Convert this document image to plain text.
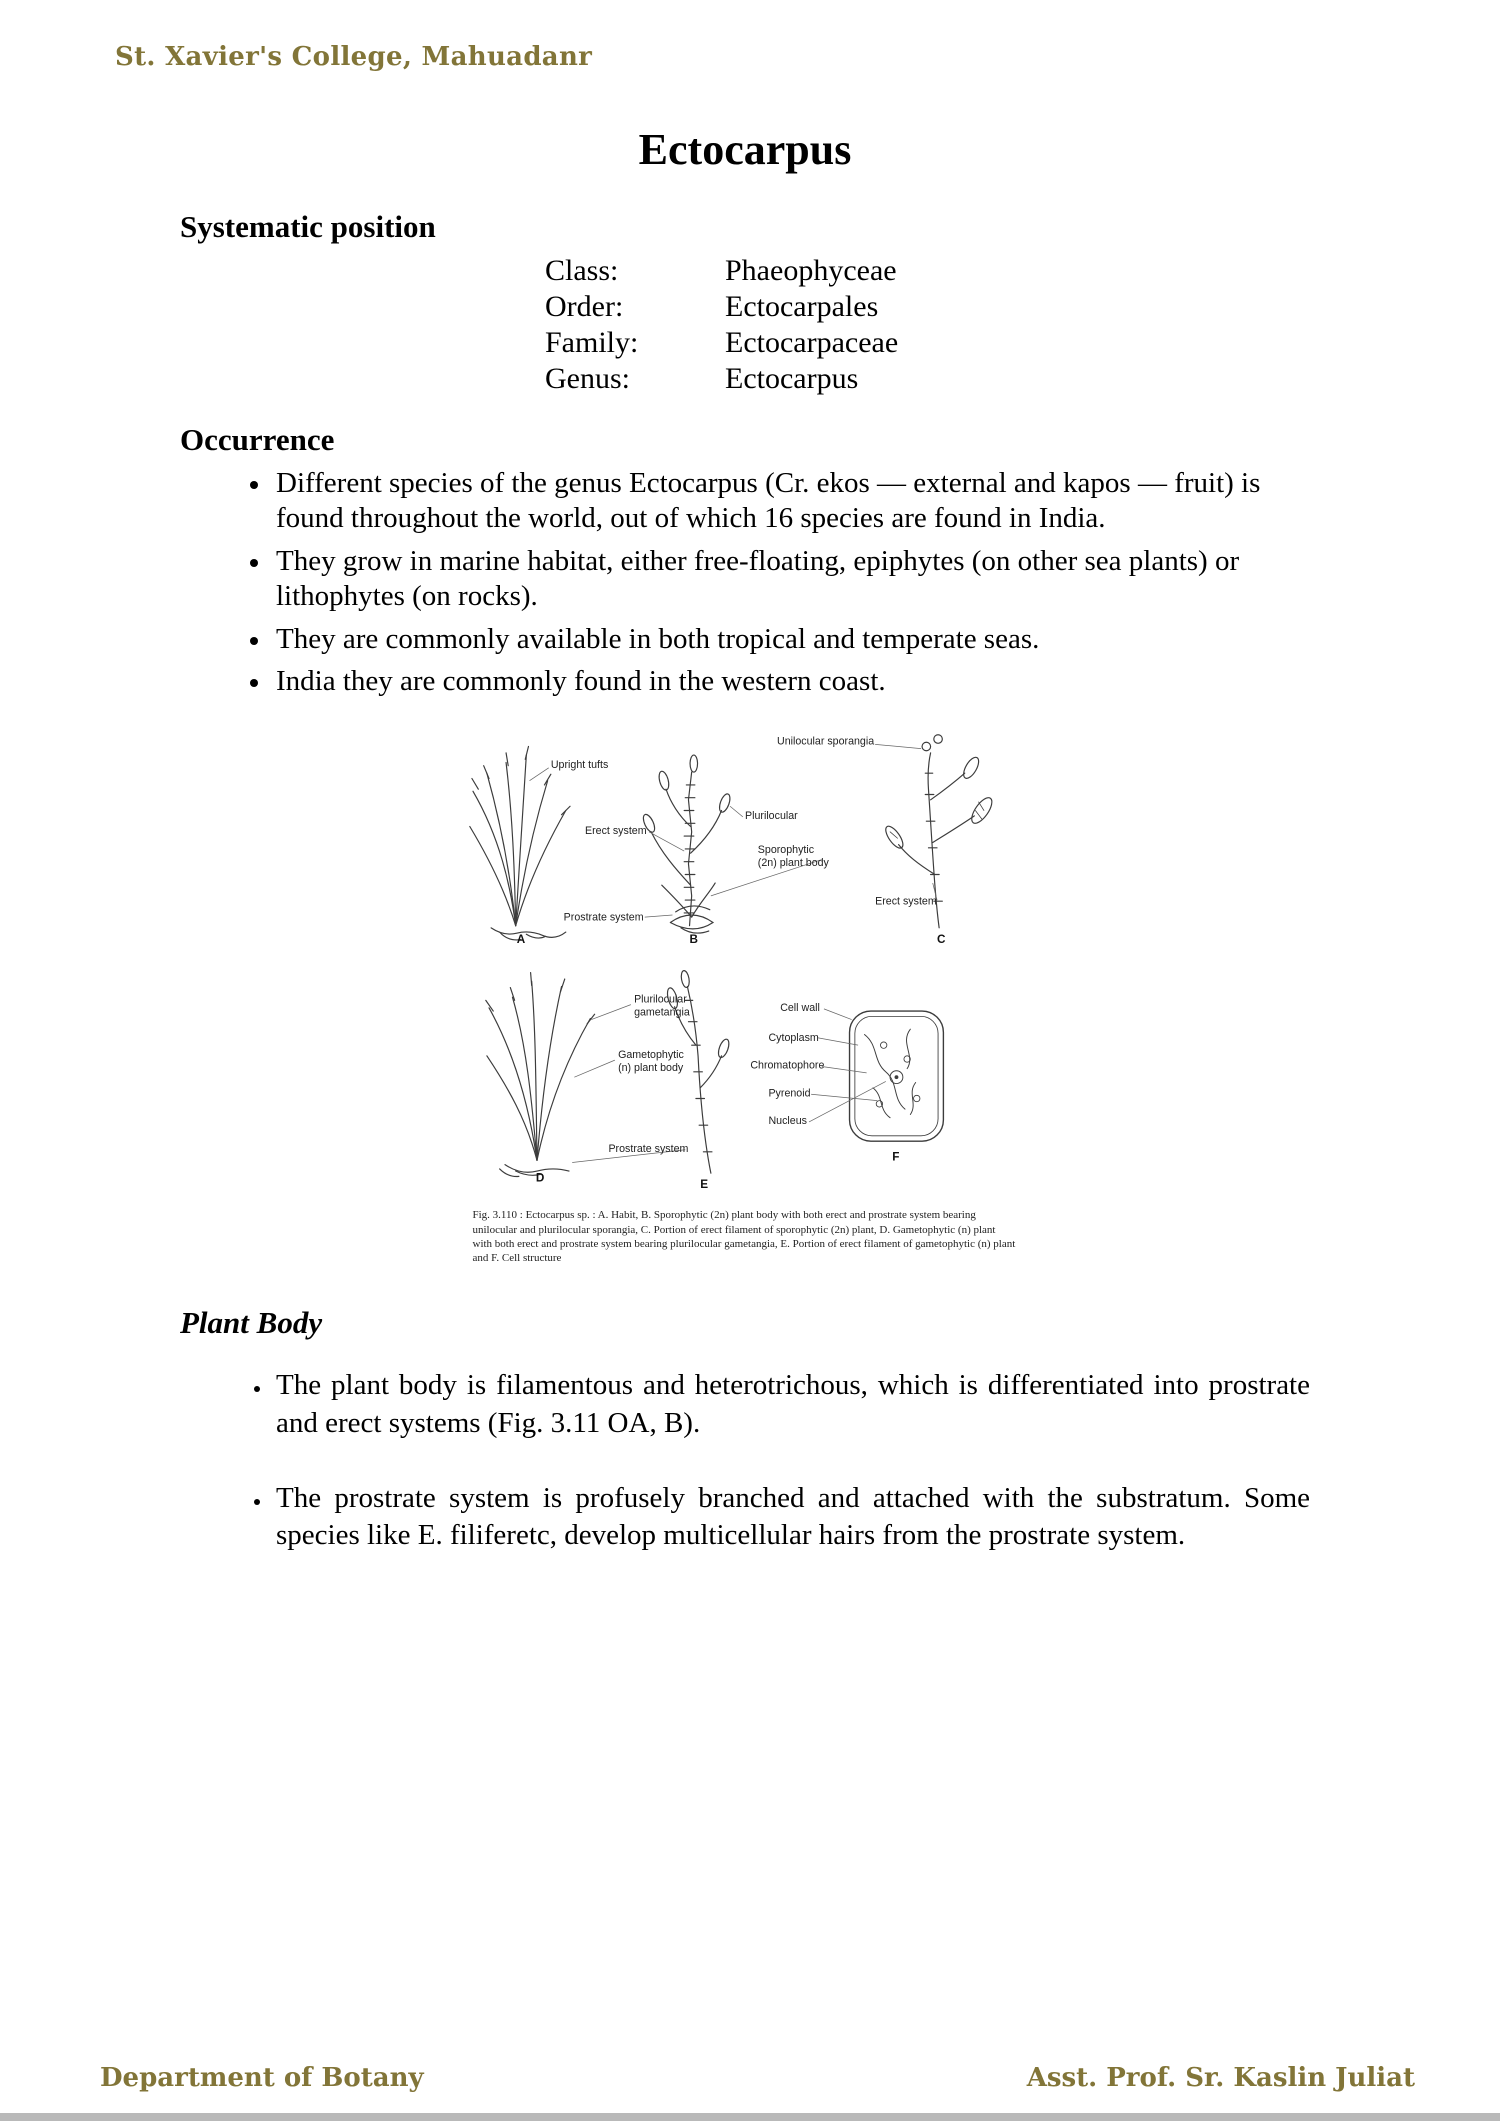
St. Xavier's College, Mahuadanr
Ectocarpus
Systematic position
Class:	Phaeophyceae
Order:	Ectocarpales
Family:	Ectocarpaceae
Genus:	Ectocarpus
Occurrence
• Different species of the genus Ectocarpus (Cr. ekos — external and kapos — fruit) is found throughout the world, out of which 16 species are found in India.
• They grow in marine habitat, either free-floating, epiphytes (on other sea plants) or lithophytes (on rocks).
• They are commonly available in both tropical and temperate seas.
• India they are commonly found in the western coast.
Upright tufts
Erect system
Prostrate system
Unilocular sporangia
Plurilocular
Sporophytic
(2n) plant body
Erect system
Plurilocular
gametangia
Gametophytic
(n) plant body
Prostrate system
Cell wall
Cytoplasm
Chromatophore
Pyrenoid
Nucleus
A	B	C
D	E
F
Fig. 3.110 : Ectocarpus sp. : A. Habit, B. Sporophytic (2n) plant body with both erect and prostrate system bearing unilocular and plurilocular sporangia, C. Portion of erect filament of sporophytic (2n) plant, D. Gametophytic (n) plant with both erect and prostrate system bearing plurilocular gametangia, E. Portion of erect filament of gametophytic (n) plant and F. Cell structure
Plant Body
• The plant body is filamentous and heterotrichous, which is differentiated into prostrate and erect systems (Fig. 3.11 OA, B).
• The prostrate system is profusely branched and attached with the substratum. Some species like E. filiferetc, develop multicellular hairs from the prostrate system.
Department of Botany	Asst. Prof. Sr. Kaslin Juliat
